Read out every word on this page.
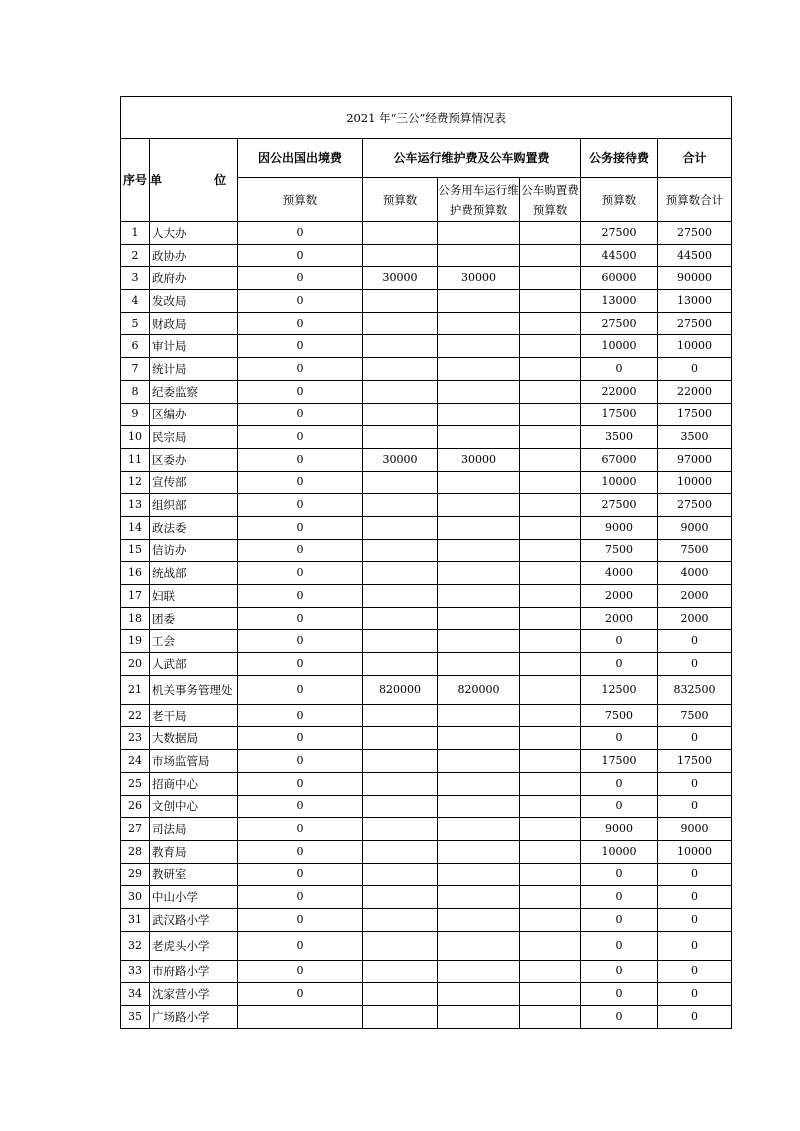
2021 年“三公”经费预算情况表							
序号	单 位	因公出国出境费	公车运行维护费及公车购置费			公务接待费	合计
		预算数	预算数	公务用车运行维护费预算数	公车购置费预算数	预算数	预算数合计
1	人大办	0				27500	27500
2	政协办	0				44500	44500
3	政府办	0	30000	30000		60000	90000
4	发改局	0				13000	13000
5	财政局	0				27500	27500
6	审计局	0				10000	10000
7	统计局	0				0	0
8	纪委监察	0				22000	22000
9	区编办	0				17500	17500
10	民宗局	0				3500	3500
11	区委办	0	30000	30000		67000	97000
12	宣传部	0				10000	10000
13	组织部	0				27500	27500
14	政法委	0				9000	9000
15	信访办	0				7500	7500
16	统战部	0				4000	4000
17	妇联	0				2000	2000
18	团委	0				2000	2000
19	工会	0				0	0
20	人武部	0				0	0
21	机关事务管理处	0	820000	820000		12500	832500
22	老干局	0				7500	7500
23	大数据局	0				0	0
24	市场监管局	0				17500	17500
25	招商中心	0				0	0
26	文创中心	0				0	0
27	司法局	0				9000	9000
28	教育局	0				10000	10000
29	教研室	0				0	0
30	中山小学	0				0	0
31	武汉路小学	0				0	0
32	老虎头小学	0				0	0
33	市府路小学	0				0	0
34	沈家营小学	0				0	0
35	广场路小学					0	0
